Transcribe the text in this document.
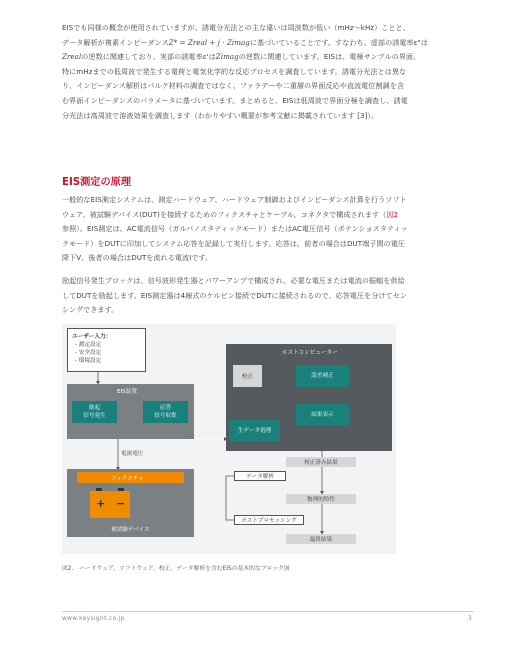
EISでも同様の概念が使用されていますが、誘電分光法との主な違いは周波数が低い（mHz〜kHz）ことと、
データ解析が複素インピーダンスZ* = Zreal + j · Zimagに基づいていることです。すなわち、虚部の誘電率ε"は
Zrealの逆数に関連しており、実部の誘電率ε'はZimagの逆数に関連しています。EISは、電極サンプルの界面、
特にmHzまでの低周波で発生する電荷と電気化学的な反応プロセスを調査しています。誘電分光法とは異な
り、インピーダンス解析はバルク材料の調査ではなく、ファラデーや二重層の界面反応や直流電位割調を含
む界面インピーダンスのパラメータに基づいています。まとめると、EISは低周波で界面分極を調査し、誘電
分光法は高周波で溶液効果を調査します（わかりやすい概要が参考文献に掲載されています [3]）。
EIS測定の原理
一般的なEIS測定システムは、測定ハードウェア、ハードウェア制御およびインピーダンス計算を行うソフト
ウェア、被試験デバイス(DUT)を接続するためのフィクスチャとケーブル、コネクタで構成されます（図2
参照）。EIS測定は、AC電流信号（ガルバノスタティックモード）またはAC電圧信号（ポテンショスタティッ
クモード）をDUTに印加してシステム応答を記録して実行します。応答は、前者の場合はDUT端子間の電圧
降下V、後者の場合はDUTを流れる電流Iです。
励起信号発生ブロックは、信号波形発生器とパワーアンプで構成され、必要な電圧または電流の振幅を供給
してDUTを励起します。EIS測定器は4線式のケルビン接続でDUTに接続されるので、応答電圧を分けてセン
シングできます。
ユーザー入力：
- 測定設定
- 安全設定
- 環境設定
EIS装置
励起
信号発生
応答
信号収集
ホストコンピューター
校正	誤差補正
生データ処理
結果表示
電流電圧
フィクスチャ
+ −
被試験デバイス
校正済み結果
データ解析
物理的特性
ポストプロセッシング
最終結果
図2.　ハードウェア、ソフトウェア、校正、データ解析を含むEISの基本的なブロック図
www.keysight.co.jp	3
